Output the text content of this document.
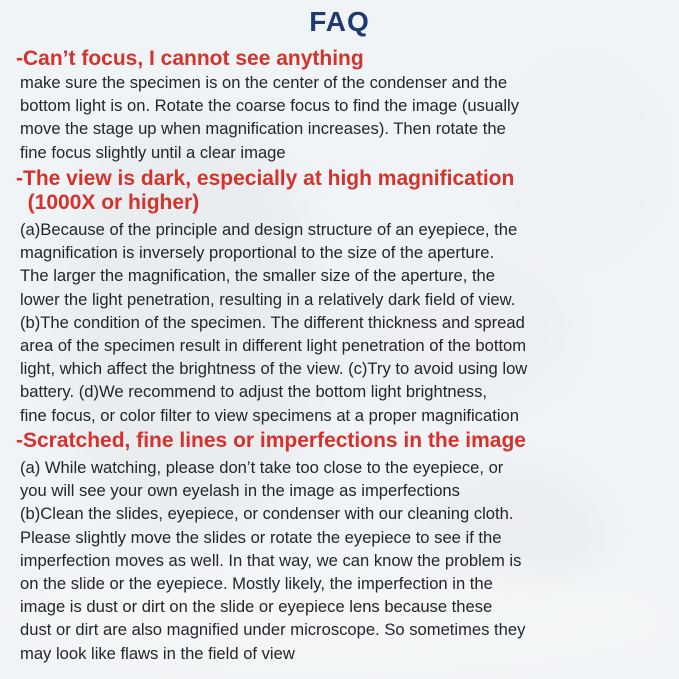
FAQ
-Can’t focus, I cannot see anything
make sure the specimen is on the center of the condenser and the
bottom light is on. Rotate the coarse focus to find the image (usually
move the stage up when magnification increases). Then rotate the
fine focus slightly until a clear image
-The view is dark, especially at high magnification
(1000X or higher)
(a)Because of the principle and design structure of an eyepiece, the
magnification is inversely proportional to the size of the aperture.
The larger the magnification, the smaller size of the aperture, the
lower the light penetration, resulting in a relatively dark field of view.
(b)The condition of the specimen. The different thickness and spread
area of the specimen result in different light penetration of the bottom
light, which affect the brightness of the view. (c)Try to avoid using low
battery. (d)We recommend to adjust the bottom light brightness,
fine focus, or color filter to view specimens at a proper magnification
-Scratched, fine lines or imperfections in the image
(a) While watching, please don’t take too close to the eyepiece, or
you will see your own eyelash in the image as imperfections
(b)Clean the slides, eyepiece, or condenser with our cleaning cloth.
Please slightly move the slides or rotate the eyepiece to see if the
imperfection moves as well. In that way, we can know the problem is
on the slide or the eyepiece. Mostly likely, the imperfection in the
image is dust or dirt on the slide or eyepiece lens because these
dust or dirt are also magnified under microscope. So sometimes they
may look like flaws in the field of view
